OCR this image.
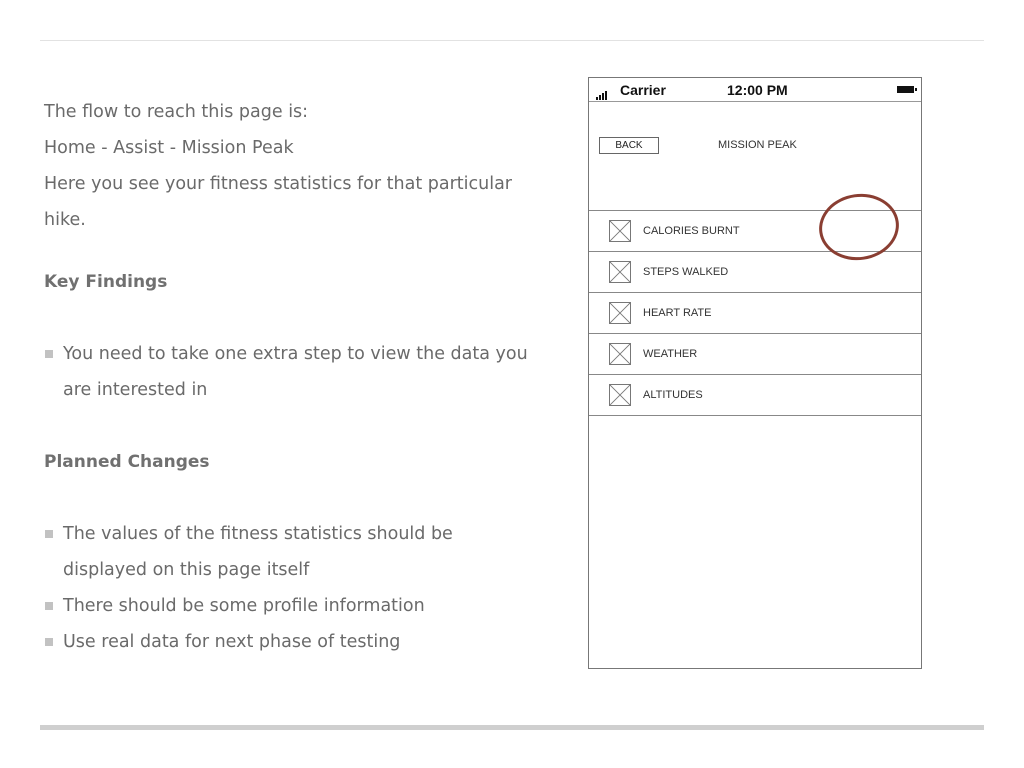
The flow to reach this page is:

Home - Assist - Mission Peak

Here you see your fitness statistics for that particular

hike.

Key Findings

You need to take one extra step to view the data you
are interested in

Planned Changes

The values of the fitness statistics should be
displayed on this page itself
There should be some profile information
Use real data for next phase of testing
Carrier	12:00 PM
BACK	MISSION PEAK
CALORIES BURNT
STEPS WALKED
HEART RATE
WEATHER
ALTITUDES
